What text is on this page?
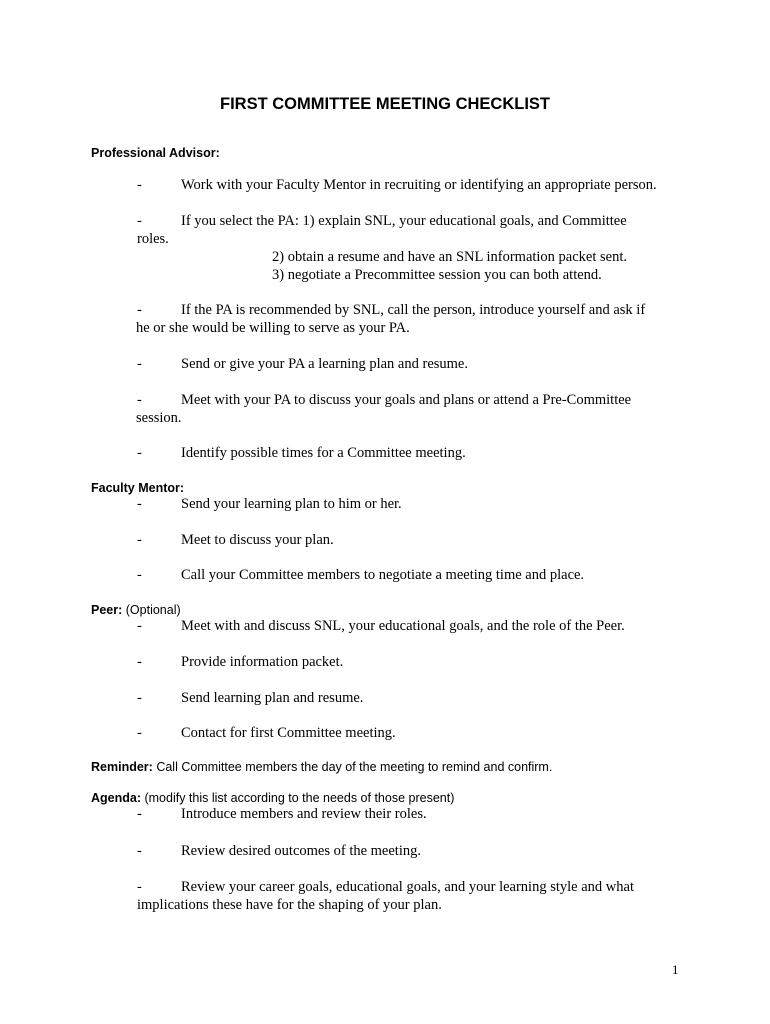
FIRST COMMITTEE MEETING CHECKLIST
Professional Advisor:
-	Work with your Faculty Mentor in recruiting or identifying an appropriate person.
-	If you select the PA: 1) explain SNL, your educational goals, and Committee
roles.
2) obtain a resume and have an SNL information packet sent.
3) negotiate a Precommittee session you can both attend.
-	If the PA is recommended by SNL, call the person, introduce yourself and ask if
he or she would be willing to serve as your PA.
-	Send or give your PA a learning plan and resume.
-	Meet with your PA to discuss your goals and plans or attend a Pre-Committee
session.
-	Identify possible times for a Committee meeting.
Faculty Mentor:
-	Send your learning plan to him or her.
-	Meet to discuss your plan.
-	Call your Committee members to negotiate a meeting time and place.
Peer: (Optional)
-	Meet with and discuss SNL, your educational goals, and the role of the Peer.
-	Provide information packet.
-	Send learning plan and resume.
-	Contact for first Committee meeting.
Reminder: Call Committee members the day of the meeting to remind and confirm.
Agenda: (modify this list according to the needs of those present)
-	Introduce members and review their roles.
-	Review desired outcomes of the meeting.
-	Review your career goals, educational goals, and your learning style and what
implications these have for the shaping of your plan.
1
